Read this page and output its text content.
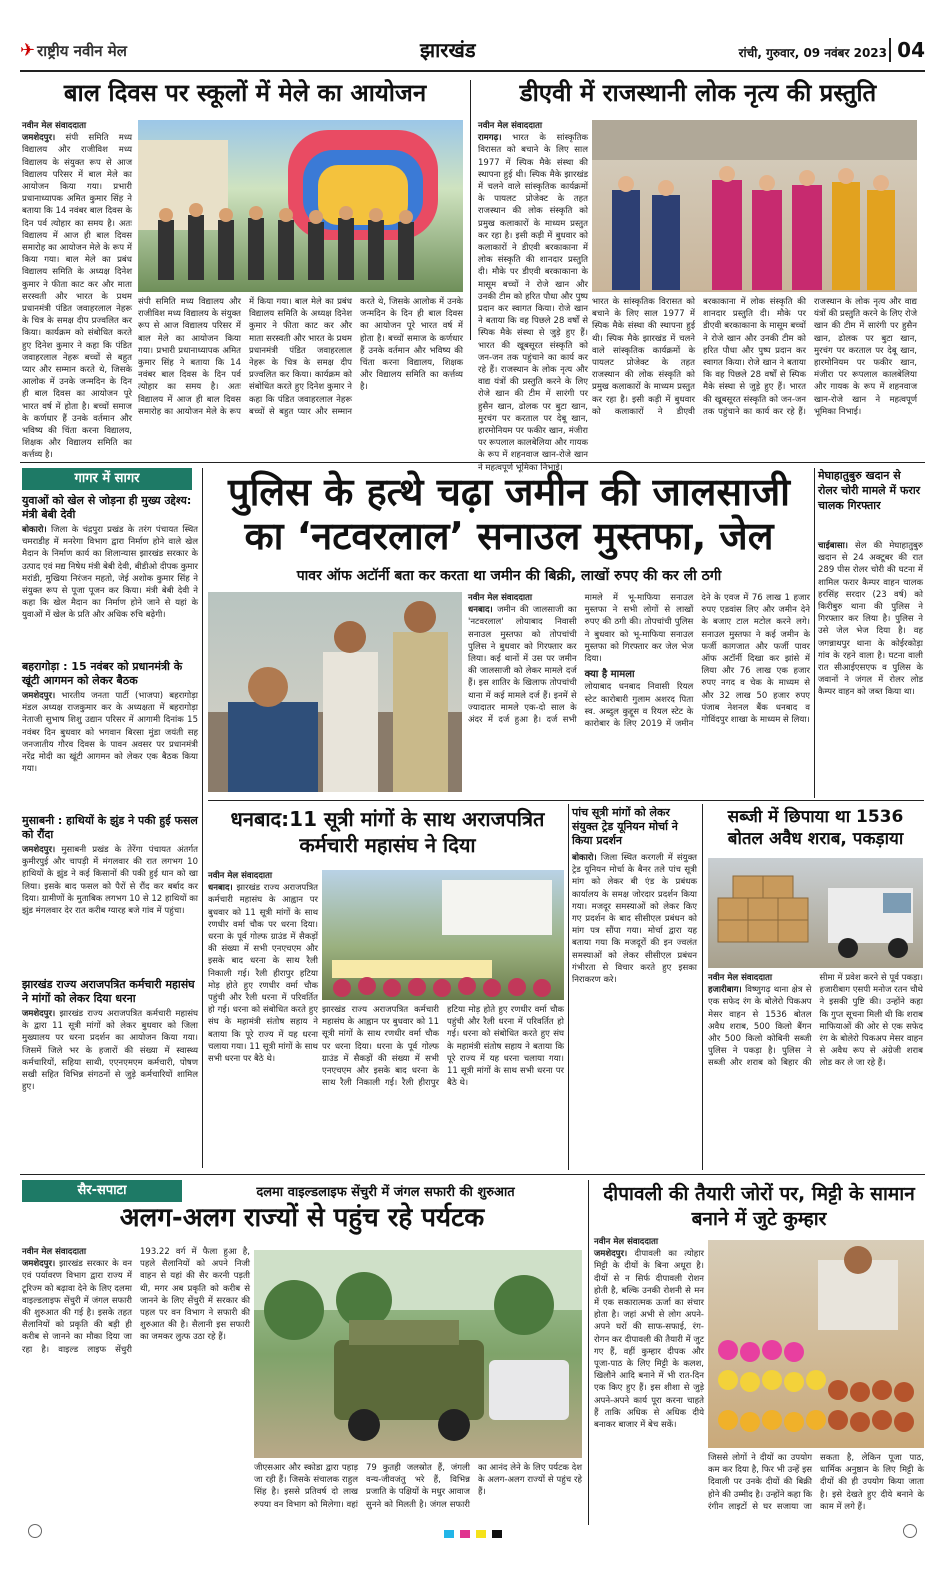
✈ राष्ट्रीय नवीन मेल	झारखंड	रांची, गुरुवार, 09 नवंबर 2023 04
बाल दिवस पर स्कूलों में मेले का आयोजन
नवीन मेल संवाददाता
जमशेदपुर। संपी समिति मध्य विद्यालय और राजीविश मध्य विद्यालय के संयुक्त रूप से आज विद्यालय परिसर में बाल मेले का आयोजन किया गया। प्रभारी प्रधानाध्यापक अमित कुमार सिंह ने बताया कि 14 नवंबर बाल दिवस के दिन पर्व त्योहार का समय है। अतः विद्यालय में आज ही बाल दिवस समारोह का आयोजन मेले के रूप में किया गया। बाल मेले का प्रबंध विद्यालय समिति के अध्यक्ष दिनेश कुमार ने फीता काट कर और माता सरस्वती और भारत के प्रथम प्रधानमंत्री पंडित जवाहरलाल नेहरू के चित्र के समक्ष दीप प्रज्वलित कर किया। कार्यक्रम को संबोधित करते हुए दिनेश कुमार ने कहा कि पंडित जवाहरलाल नेहरू बच्चों से बहुत प्यार और सम्मान करते थे, जिसके आलोक में उनके जन्मदिन के दिन ही बाल दिवस का आयोजन पूरे भारत वर्ष में होता है। बच्चों समाज के कर्णधार हैं उनके वर्तमान और भविष्य की चिंता करना विद्यालय, शिक्षक और विद्यालय समिति का कर्त्तव्य है।
संपी समिति मध्य विद्यालय और राजीविश मध्य विद्यालय के संयुक्त रूप से आज विद्यालय परिसर में बाल मेले का आयोजन किया गया। प्रभारी प्रधानाध्यापक अमित कुमार सिंह ने बताया कि 14 नवंबर बाल दिवस के दिन पर्व त्योहार का समय है। अतः विद्यालय में आज ही बाल दिवस समारोह का आयोजन मेले के रूप में किया गया। बाल मेले का प्रबंध विद्यालय समिति के अध्यक्ष दिनेश कुमार ने फीता काट कर और माता सरस्वती और भारत के प्रथम प्रधानमंत्री पंडित जवाहरलाल नेहरू के चित्र के समक्ष दीप प्रज्वलित कर किया। कार्यक्रम को संबोधित करते हुए दिनेश कुमार ने कहा कि पंडित जवाहरलाल नेहरू बच्चों से बहुत प्यार और सम्मान करते थे, जिसके आलोक में उनके जन्मदिन के दिन ही बाल दिवस का आयोजन पूरे भारत वर्ष में होता है। बच्चों समाज के कर्णधार हैं उनके वर्तमान और भविष्य की चिंता करना विद्यालय, शिक्षक और विद्यालय समिति का कर्त्तव्य है।
डीएवी में राजस्थानी लोक नृत्य की प्रस्तुति
नवीन मेल संवाददाता
रामगढ़। भारत के सांस्कृतिक विरासत को बचाने के लिए साल 1977 में स्पिक मैके संस्था की स्थापना हुई थी। स्पिक मैके झारखंड में चलने वाले सांस्कृतिक कार्यक्रमों के पायलट प्रोजेक्ट के तहत राजस्थान की लोक संस्कृति को प्रमुख कलाकारों के माध्यम प्रस्तुत कर रहा है। इसी कड़ी में बुधवार को कलाकारों ने डीएवी बरकाकाना में लोक संस्कृति की शानदार प्रस्तुति दी। मौके पर डीएवी बरकाकाना के मासूम बच्चों ने रोजे खान और उनकी टीम को हरित पौधा और पुष्प प्रदान कर स्वागत किया। रोजे खान ने बताया कि वह पिछले 28 वर्षों से स्पिक मैके संस्था से जुड़े हुए हैं। भारत की खूबसूरत संस्कृति को जन-जन तक पहुंचाने का कार्य कर रहे हैं। राजस्थान के लोक नृत्य और वाद्य यंत्रों की प्रस्तुति करने के लिए रोजे खान की टीम में सारंगी पर हुसैन खान, ढोलक पर बुटा खान, मुरचंग पर करताल पर देबू खान, हारमोनियम पर फकीर खान, मंजीरा पर रूपलाल कालबेलिया और गायक के रूप में शहनवाज खान-रोजे खान ने महत्वपूर्ण भूमिका निभाई।
भारत के सांस्कृतिक विरासत को बचाने के लिए साल 1977 में स्पिक मैके संस्था की स्थापना हुई थी। स्पिक मैके झारखंड में चलने वाले सांस्कृतिक कार्यक्रमों के पायलट प्रोजेक्ट के तहत राजस्थान की लोक संस्कृति को प्रमुख कलाकारों के माध्यम प्रस्तुत कर रहा है। इसी कड़ी में बुधवार को कलाकारों ने डीएवी बरकाकाना में लोक संस्कृति की शानदार प्रस्तुति दी। मौके पर डीएवी बरकाकाना के मासूम बच्चों ने रोजे खान और उनकी टीम को हरित पौधा और पुष्प प्रदान कर स्वागत किया। रोजे खान ने बताया कि वह पिछले 28 वर्षों से स्पिक मैके संस्था से जुड़े हुए हैं। भारत की खूबसूरत संस्कृति को जन-जन तक पहुंचाने का कार्य कर रहे हैं। राजस्थान के लोक नृत्य और वाद्य यंत्रों की प्रस्तुति करने के लिए रोजे खान की टीम में सारंगी पर हुसैन खान, ढोलक पर बुटा खान, मुरचंग पर करताल पर देबू खान, हारमोनियम पर फकीर खान, मंजीरा पर रूपलाल कालबेलिया और गायक के रूप में शहनवाज खान-रोजे खान ने महत्वपूर्ण भूमिका निभाई।
गागर में सागर
युवाओं को खेल से जोड़ना ही मुख्य उद्देश्य: मंत्री बेबी देवी
बोकारो। जिला के चंद्रपुरा प्रखंड के तरंग पंचायत स्थित चमराडीह में मनरेगा विभाग द्वारा निर्माण होने वाले खेल मैदान के निर्माण कार्य का शिलान्यास झारखंड सरकार के उत्पाद एवं मद्य निषेध मंत्री बेबी देवी, बीडीओ दीपक कुमार मरांडी, मुखिया निरंजन महतो, जेई अशोक कुमार सिंह ने संयुक्त रूप से पूजा पूजन कर किया। मंत्री बेबी देवी ने कहा कि खेल मैदान का निर्माण होने जाने से यहां के युवाओं में खेल के प्रति और अधिक रुचि बढ़ेगी।
बहरागोड़ा : 15 नवंबर को प्रधानमंत्री के खूंटी आगमन को लेकर बैठक
जमशेदपुर। भारतीय जनता पार्टी (भाजपा) बहरागोड़ा मंडल अध्यक्ष राजकुमार कर के अध्यक्षता में बहरागोड़ा नेताजी सुभाष शिशु उद्यान परिसर में आगामी दिनांक 15 नवंबर दिन बुधवार को भगवान बिरसा मुंडा जयंती सह जनजातीय गौरव दिवस के पावन अवसर पर प्रधानमंत्री नरेंद्र मोदी का खूंटी आगमन को लेकर एक बैठक किया गया।
मुसाबनी : हाथियों के झुंड ने पकी हुई फसल को रौंदा
जमशेदपुर। मुसाबनी प्रखंड के तेरेंगा पंचायत अंतर्गत कुमीरपुई और चापड़ी में मंगलवार की रात लगभग 10 हाथियों के झुंड ने कई किसानों की पकी हुई धान को खा लिया। इसके बाद फसल को पैरों से रौंद कर बर्बाद कर दिया। ग्रामीणों के मुताबिक लगभग 10 से 12 हाथियों का झुंड मंगलवार देर रात करीब ग्यारह बजे गांव में पहुंचा।
झारखंड राज्य अराजपत्रित कर्मचारी महासंघ ने मांगों को लेकर दिया धरना
जमशेदपुर। झारखंड राज्य अराजपत्रित कर्मचारी महासंघ के द्वारा 11 सूत्री मांगों को लेकर बुधवार को जिला मुख्यालय पर धरना प्रदर्शन का आयोजन किया गया। जिसमें जिले भर के हजारों की संख्या में स्वास्थ्य कर्मचारियों, सहिया साथी, एएनएमएम कर्मचारी, पोषण सखी सहित विभिन्न संगठनों से जुड़े कर्मचारियों शामिल हुए।
पुलिस के हत्थे चढ़ा जमीन की जालसाजी का ‘नटवरलाल’ सनाउल मुस्तफा, जेल
पावर ऑफ अटॉर्नी बता कर करता था जमीन की बिक्री, लाखों रुपए की कर ली ठगी
नवीन मेल संवाददाता
धनबाद। जमीन की जालसाजी का 'नटवरलाल' लोयाबाद निवासी सनाउल मुस्तफा को तोपचांची पुलिस ने बुधवार को गिरफ्तार कर लिया। कई थानों में उस पर जमीन की जालसाजी को लेकर मामले दर्ज हैं। इस शातिर के खिलाफ तोपचांची थाना में कई मामले दर्ज हैं। इनमें से ज्यादातर मामले एक-दो साल के अंदर में दर्ज हुआ है। दर्ज सभी मामले में भू-माफिया सनाउल मुस्तफा ने सभी लोगों से लाखों रुपए की ठगी की। तोपचांची पुलिस ने बुधवार को भू-माफिया सनाउल मुस्तफा को गिरफ्तार कर जेल भेज दिया।
क्या है मामला
लोयाबाद धनबाद निवासी रियल स्टेट कारोबारी गुलाम अशरद पिता स्व. अब्दुल कुद्दूस व रियल स्टेट के कारोबार के लिए 2019 में जमीन देने के एवज में 76 लाख 1 हजार रुपए एडवांस लिए और जमीन देने के बजाए टाल मटोल करने लगे। सनाउल मुस्तफा ने कई जमीन के फर्जी कागजात और फर्जी पावर ऑफ अटॉर्नी दिखा कर झांसे में लिया और 76 लाख एक हजार रुपए नगद व चेक के माध्यम से और 32 लाख 50 हजार रुपए पंजाब नेशनल बैंक धनबाद व गोविंदपुर शाखा के माध्यम से लिया।
मेघाहातुबुरु खदान से रोलर चोरी मामले में फरार चालक गिरफ्तार
चाईबासा। सेल की मेघाहातुबुरु खदान से 24 अक्टूबर की रात 289 पीस रोलर चोरी की घटना में शामिल फरार कैम्पर वाहन चालक हरसिंह सरदार (23 वर्ष) को किरीबुरु थाना की पुलिस ने गिरफ्तार कर लिया है। पुलिस ने उसे जेल भेज दिया है। वह जगन्नाथपुर थाना के कोईरकोड़ा गांव के रहने वाला है। घटना वाली रात सीआईएसएफ व पुलिस के जवानों ने जंगल में रोलर लोड कैम्पर वाहन को जब्त किया था।
धनबाद:11 सूत्री मांगों के साथ अराजपत्रित कर्मचारी महासंघ ने दिया
नवीन मेल संवाददाता
धनबाद। झारखंड राज्य अराजपत्रित कर्मचारी महासंघ के आह्वान पर बुधवार को 11 सूत्री मांगों के साथ रणधीर वर्मा चौक पर धरना दिया। धरना के पूर्व गोल्फ ग्राउंड में सैकड़ों की संख्या में सभी एनएचएम और इसके बाद धरना के साथ रैली निकाली गई। रैली हीरापुर हटिया मोड़ होते हुए रणधीर वर्मा चौक पहुंची और रैली धरना में परिवर्तित हो गई। धरना को संबोधित करते हुए संघ के महामंत्री संतोष सहाय ने बताया कि पूरे राज्य में यह धरना चलाया गया। 11 सूत्री मांगों के साथ सभी धरना पर बैठे थे।
झारखंड राज्य अराजपत्रित कर्मचारी महासंघ के आह्वान पर बुधवार को 11 सूत्री मांगों के साथ रणधीर वर्मा चौक पर धरना दिया। धरना के पूर्व गोल्फ ग्राउंड में सैकड़ों की संख्या में सभी एनएचएम और इसके बाद धरना के साथ रैली निकाली गई। रैली हीरापुर हटिया मोड़ होते हुए रणधीर वर्मा चौक पहुंची और रैली धरना में परिवर्तित हो गई। धरना को संबोधित करते हुए संघ के महामंत्री संतोष सहाय ने बताया कि पूरे राज्य में यह धरना चलाया गया। 11 सूत्री मांगों के साथ सभी धरना पर बैठे थे।
पांच सूत्री मांगों को लेकर संयुक्त ट्रेड यूनियन मोर्चा ने किया प्रदर्शन
बोकारो। जिला स्थित करगली में संयुक्त ट्रेड यूनियन मोर्चा के बैनर तले पांच सूत्री मांग को लेकर बी एंड के प्रबंधक कार्यालय के समक्ष जोरदार प्रदर्शन किया गया। मजदूर समस्याओं को लेकर किए गए प्रदर्शन के बाद सीसीएल प्रबंधन को मांग पत्र सौंपा गया। मोर्चा द्वारा यह बताया गया कि मजदूरों की इन ज्वलंत समस्याओं को लेकर सीसीएल प्रबंधन गंभीरता से विचार करते हुए इसका निराकरण करे।
सब्जी में छिपाया था 1536 बोतल अवैध शराब, पकड़ाया
नवीन मेल संवाददाता
हजारीबाग। विष्णुगढ़ थाना क्षेत्र से एक सफेद रंग के बोलेरो पिकअप मेसर वाहन से 1536 बोतल अवैध शराब, 500 किलो बैंगन और 500 किलो कोबिनी सब्जी पुलिस ने पकड़ा है। पुलिस ने सब्जी और शराब को बिहार की सीमा में प्रवेश करने से पूर्व पकड़ा। हजारीबाग एसपी मनोज रतन चौथे ने इसकी पुष्टि की। उन्होंने कहा कि गुप्त सूचना मिली थी कि शराब माफियाओं की ओर से एक सफेद रंग के बोलेरो पिकअप मेसर वाहन से अवैध रूप से अंग्रेजी शराब लोड कर ले जा रहे हैं।
सैर-सपाटा	दलमा वाइल्डलाइफ सेंचुरी में जंगल सफारी की शुरुआत
अलग-अलग राज्यों से पहुंच रहे पर्यटक
नवीन मेल संवाददाता
जमशेदपुर। झारखंड सरकार के वन एवं पर्यावरण विभाग द्वारा राज्य में टूरिज्म को बढ़ावा देने के लिए दलमा वाइल्डलाइफ सेंचुरी में जंगल सफारी की शुरुआत की गई है। इसके तहत सैलानियों को प्रकृति की बड़ी ही करीब से जानने का मौका दिया जा रहा है। वाइल्ड लाइफ सेंचुरी 193.22 वर्ग में फैला हुआ है, पहले सैलानियों को अपने निजी वाहन से यहां की सैर करनी पड़ती थी, मगर अब प्रकृति को करीब से जानने के लिए सेंचुरी में सरकार की पहल पर वन विभाग ने सफारी की शुरुआत की है। सैलानी इस सफारी का जमकर लुत्फ उठा रहे हैं।
जीएसआर और स्कोडा द्वारा पहाड़ जा रही हैं। जिसके संचालक राहुल सिंह है। इससे प्रतिवर्ष दो लाख रुपया वन विभाग को मिलेगा। वहां 79 कुतही जलस्रोत हैं, जंगली वन्य-जीवजंतु भरे हैं, विभिन्न प्रजाति के पक्षियों के मधुर आवाज सुनने को मिलती है। जंगल सफारी का आनंद लेने के लिए पर्यटक देश के अलग-अलग राज्यों से पहुंच रहे हैं।
दीपावली की तैयारी जोरों पर, मिट्टी के सामान बनाने में जुटे कुम्हार
नवीन मेल संवाददाता
जमशेदपुर। दीपावली का त्योहार मिट्टी के दीयों के बिना अधूरा है। दीयों से न सिर्फ दीपावली रोशन होती है, बल्कि उनकी रोशनी से मन में एक सकारात्मक ऊर्जा का संचार होता है। जहां अभी से लोग अपने-अपने घरों की साफ-सफाई, रंग-रोगन कर दीपावली की तैयारी में जुट गए हैं, वहीं कुम्हार दीपक और पूजा-पाठ के लिए मिट्टी के कलश, खिलौने आदि बनाने में भी रात-दिन एक किए हुए हैं। इस शीशा से जुड़े अपने-अपने कार्य पूरा करना चाहते हैं ताकि अधिक से अधिक दीये बनाकर बाजार में बेच सकें।
जिससे लोगों ने दीयों का उपयोग कम कर दिया है, फिर भी उन्हें इस दिवाली पर उनके दीयों की बिक्री होने की उम्मीद है। उन्होंने कहा कि रंगीन लाइटों से घर सजाया जा सकता है, लेकिन पूजा पाठ, धार्मिक अनुष्ठान के लिए मिट्टी के दीयों की ही उपयोग किया जाता है। इसे देखते हुए दीये बनाने के काम में लगे हैं।
